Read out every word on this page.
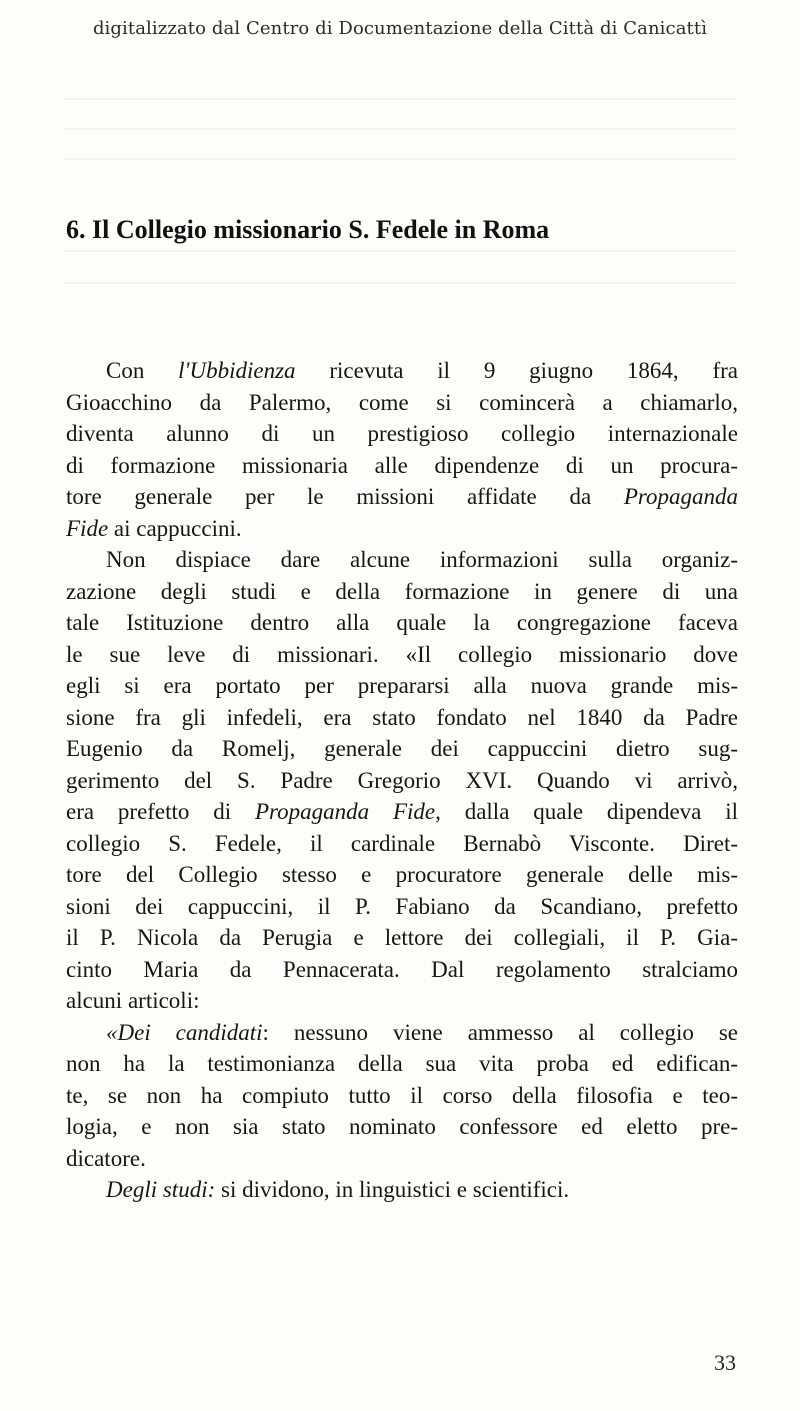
digitalizzato dal Centro di Documentazione della Città di Canicattì
6. Il Collegio missionario S. Fedele in Roma
Con l'Ubbidienza ricevuta il 9 giugno 1864, fra
Gioacchino da Palermo, come si comincerà a chiamarlo,
diventa alunno di un prestigioso collegio internazionale
di formazione missionaria alle dipendenze di un procura-
tore generale per le missioni affidate da Propaganda
Fide ai cappuccini.
Non dispiace dare alcune informazioni sulla organiz-
zazione degli studi e della formazione in genere di una
tale Istituzione dentro alla quale la congregazione faceva
le sue leve di missionari. «Il collegio missionario dove
egli si era portato per prepararsi alla nuova grande mis-
sione fra gli infedeli, era stato fondato nel 1840 da Padre
Eugenio da Romelj, generale dei cappuccini dietro sug-
gerimento del S. Padre Gregorio XVI. Quando vi arrivò,
era prefetto di Propaganda Fide, dalla quale dipendeva il
collegio S. Fedele, il cardinale Bernabò Visconte. Diret-
tore del Collegio stesso e procuratore generale delle mis-
sioni dei cappuccini, il P. Fabiano da Scandiano, prefetto
il P. Nicola da Perugia e lettore dei collegiali, il P. Gia-
cinto Maria da Pennacerata. Dal regolamento stralciamo
alcuni articoli:
«Dei candidati: nessuno viene ammesso al collegio se
non ha la testimonianza della sua vita proba ed edifican-
te, se non ha compiuto tutto il corso della filosofia e teo-
logia, e non sia stato nominato confessore ed eletto pre-
dicatore.
Degli studi: si dividono, in linguistici e scientifici.
33
